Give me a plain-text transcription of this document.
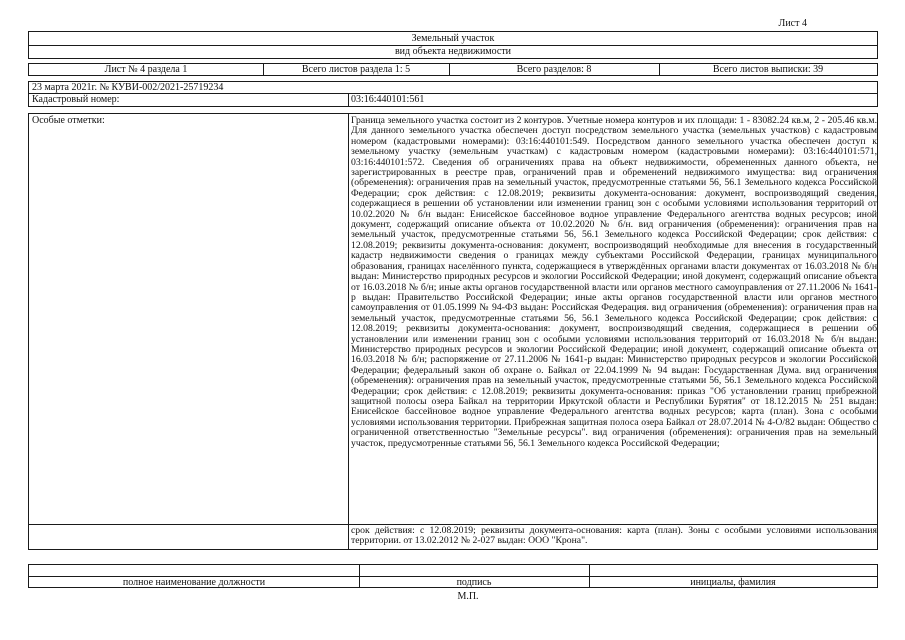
Лист 4
Земельный участок
вид объекта недвижимости
Лист № 4 раздела 1	Всего листов раздела 1: 5	Всего разделов: 8	Всего листов выписки: 39
23 марта 2021г. № КУВИ-002/2021-25719234
Кадастровый номер:	03:16:440101:561
Особые отметки:	Граница земельного участка состоит из 2 контуров. Учетные номера контуров и их площади: 1 - 83082.24 кв.м, 2 - 205.46 кв.м. Для данного земельного участка обеспечен доступ посредством земельного участка (земельных участков) с кадастровым номером (кадастровыми номерами): 03:16:440101:549. Посредством данного земельного участка обеспечен доступ к земельному участку (земельным участкам) с кадастровым номером (кадастровыми номерами): 03:16:440101:571, 03:16:440101:572. Сведения об ограничениях права на объект недвижимости, обремененных данного объекта, не зарегистрированных в реестре прав, ограничений прав и обременений недвижимого имущества: вид ограничения (обременения): ограничения прав на земельный участок, предусмотренные статьями 56, 56.1 Земельного кодекса Российской Федерации; срок действия: с 12.08.2019; реквизиты документа-основания: документ, воспроизводящий сведения, содержащиеся в решении об установлении или изменении границ зон с особыми условиями использования территорий от 10.02.2020 № б/н выдан: Енисейское бассейновое водное управление Федерального агентства водных ресурсов; иной документ, содержащий описание объекта от 10.02.2020 № б/н. вид ограничения (обременения): ограничения прав на земельный участок, предусмотренные статьями 56, 56.1 Земельного кодекса Российской Федерации; срок действия: с 12.08.2019; реквизиты документа-основания: документ, воспроизводящий необходимые для внесения в государственный кадастр недвижимости сведения о границах между субъектами Российской Федерации, границах муниципального образования, границах населённого пункта, содержащиеся в утверждённых органами власти документах от 16.03.2018 № б/н выдан: Министерство природных ресурсов и экологии Российской Федерации; иной документ, содержащий описание объекта от 16.03.2018 № б/н; иные акты органов государственной власти или органов местного самоуправления от 27.11.2006 № 1641-р выдан: Правительство Российской Федерации; иные акты органов государственной власти или органов местного самоуправления от 01.05.1999 № 94-ФЗ выдан: Российская Федерация. вид ограничения (обременения): ограничения прав на земельный участок, предусмотренные статьями 56, 56.1 Земельного кодекса Российской Федерации; срок действия: с 12.08.2019; реквизиты документа-основания: документ, воспроизводящий сведения, содержащиеся в решении об установлении или изменении границ зон с особыми условиями использования территорий от 16.03.2018 № б/н выдан: Министерство природных ресурсов и экологии Российской Федерации; иной документ, содержащий описание объекта от 16.03.2018 № б/н; распоряжение от 27.11.2006 № 1641-р выдан: Министерство природных ресурсов и экологии Российской Федерации; федеральный закон об охране о. Байкал от 22.04.1999 № 94 выдан: Государственная Дума. вид ограничения (обременения): ограничения прав на земельный участок, предусмотренные статьями 56, 56.1 Земельного кодекса Российской Федерации; срок действия: с 12.08.2019; реквизиты документа-основания: приказ "Об установлении границ прибрежной защитной полосы озера Байкал на территории Иркутской области и Республики Бурятия" от 18.12.2015 № 251 выдан: Енисейское бассейновое водное управление Федерального агентства водных ресурсов; карта (план). Зона с особыми условиями использования территории. Прибрежная защитная полоса озера Байкал от 28.07.2014 № 4-О/82 выдан: Общество с ограниченной ответственностью "Земельные ресурсы". вид ограничения (обременения): ограничения прав на земельный участок, предусмотренные статьями 56, 56.1 Земельного кодекса Российской Федерации;
срок действия: с 12.08.2019; реквизиты документа-основания: карта (план). Зоны с особыми условиями использования территории. от 13.02.2012 № 2-027 выдан: ООО "Крона".
полное наименование должности	подпись	инициалы, фамилия
М.П.
